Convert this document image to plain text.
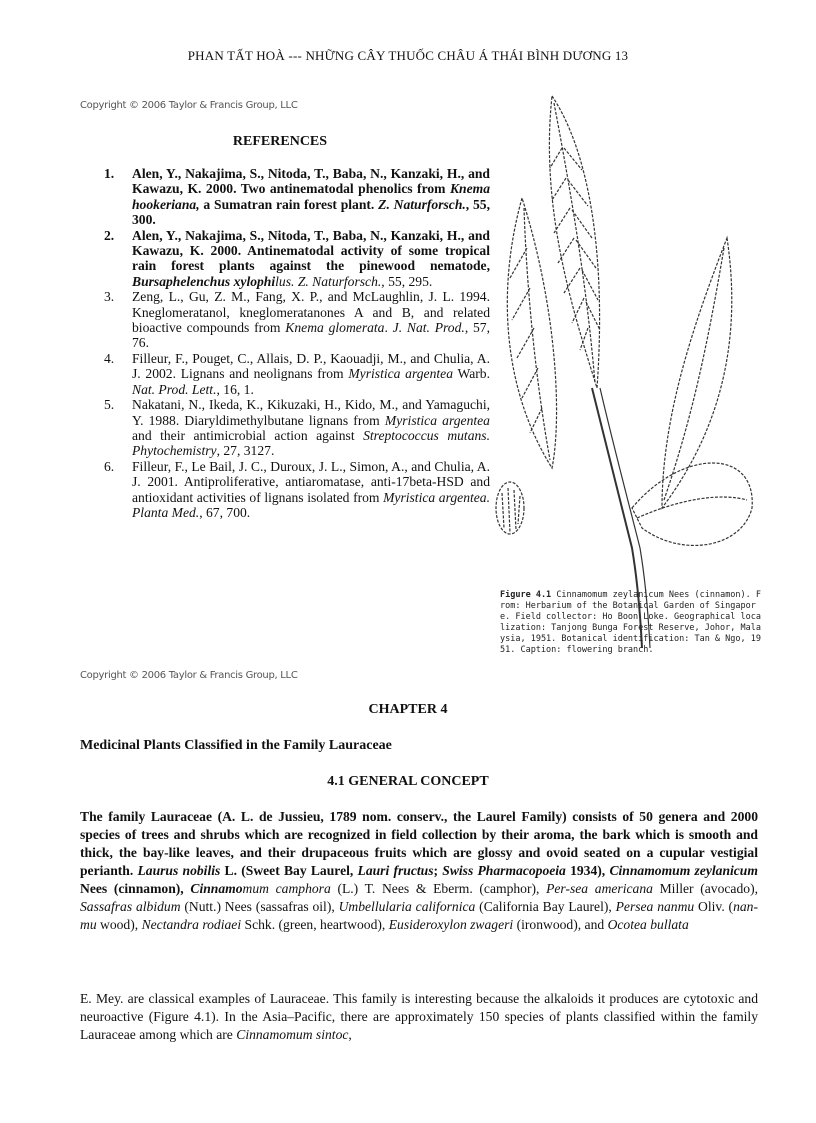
PHAN TẤT HOÀ --- NHỮNG CÂY THUỐC CHÂU Á THÁI BÌNH DƯƠNG 13
Copyright © 2006 Taylor & Francis Group, LLC
REFERENCES
1. Alen, Y., Nakajima, S., Nitoda, T., Baba, N., Kanzaki, H., and Kawazu, K. 2000. Two antinematodal phenolics from Knema hookeriana, a Sumatran rain forest plant. Z. Naturforsch., 55, 300.
2. Alen, Y., Nakajima, S., Nitoda, T., Baba, N., Kanzaki, H., and Kawazu, K. 2000. Antinematodal activity of some tropical rain forest plants against the pinewood nematode, Bursaphelenchus xylophilus. Z. Naturforsch., 55, 295.
3. Zeng, L., Gu, Z. M., Fang, X. P., and McLaughlin, J. L. 1994. Kneglomeratanol, kneglomeratanones A and B, and related bioactive compounds from Knema glomerata. J. Nat. Prod., 57, 76.
4. Filleur, F., Pouget, C., Allais, D. P., Kaouadji, M., and Chulia, A. J. 2002. Lignans and neolignans from Myristica argentea Warb. Nat. Prod. Lett., 16, 1.
5. Nakatani, N., Ikeda, K., Kikuzaki, H., Kido, M., and Yamaguchi, Y. 1988. Diaryldimethylbutane lignans from Myristica argentea and their antimicrobial action against Streptococcus mutans. Phytochemistry, 27, 3127.
6. Filleur, F., Le Bail, J. C., Duroux, J. L., Simon, A., and Chulia, A. J. 2001. Antiproliferative, antiaromatase, anti-17beta-HSD and antioxidant activities of lignans isolated from Myristica argentea. Planta Med., 67, 700.
Figure 4.1 Cinnamomum zeylanicum Nees (cinnamon). From: Herbarium of the Botanical Garden of Singapore. Field collector: Ho Boon Loke. Geographical localization: Tanjong Bunga Forest Reserve, Johor, Malaysia, 1951. Botanical identification: Tan & Ngo, 1951. Caption: flowering branch.
Copyright © 2006 Taylor & Francis Group, LLC
CHAPTER 4
Medicinal Plants Classified in the Family Lauraceae
4.1 GENERAL CONCEPT

The family Lauraceae (A. L. de Jussieu, 1789 nom. conserv., the Laurel Family) consists of 50 genera and 2000 species of trees and shrubs which are recognized in field collection by their aroma, the bark which is smooth and thick, the bay-like leaves, and their drupaceous fruits which are glossy and ovoid seated on a cupular vestigial perianth. Laurus nobilis L. (Sweet Bay Laurel, Lauri fructus; Swiss Pharmacopoeia 1934), Cinnamomum zeylanicum Nees (cinnamon), Cinnamomum camphora (L.) T. Nees & Eberm. (camphor), Per-sea americana Miller (avocado), Sassafras albidum (Nutt.) Nees (sassafras oil), Umbellularia californica (California Bay Laurel), Persea nanmu Oliv. (nan-mu wood), Nectandra rodiaei Schk. (green, heartwood), Eusideroxylon zwageri (ironwood), and Ocotea bullata

E. Mey. are classical examples of Lauraceae. This family is interesting because the alkaloids it produces are cytotoxic and neuroactive (Figure 4.1). In the Asia–Pacific, there are approximately 150 species of plants classified within the family Lauraceae among which are Cinnamomum sintoc,
